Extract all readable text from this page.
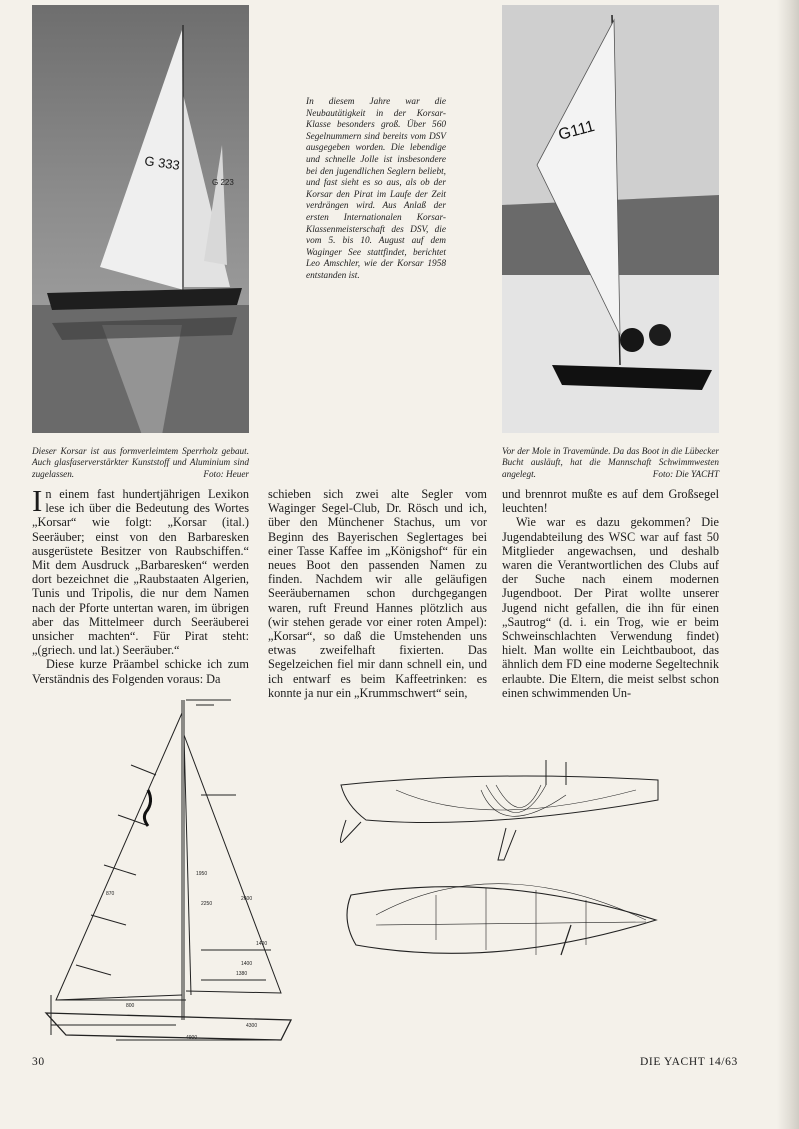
G 333
G 223
Dieser Korsar ist aus formverleimtem Sperrholz gebaut. Auch glasfaserverstärkter Kunststoff und Aluminium sind zugelassen.	Foto: Heuer
In diesem Jahre war die Neubautätigkeit in der Korsar-Klasse besonders groß. Über 560 Segelnummern sind bereits vom DSV ausgegeben worden. Die lebendige und schnelle Jolle ist insbesondere bei den jugendlichen Seglern beliebt, und fast sieht es so aus, als ob der Korsar den Pirat im Laufe der Zeit verdrängen wird. Aus Anlaß der ersten Internationalen Korsar-Klassenmeisterschaft des DSV, die vom 5. bis 10. August auf dem Waginger See stattfindet, berichtet Leo Amschler, wie der Korsar 1958 entstanden ist.
G111
Vor der Mole in Travemünde. Da das Boot in die Lübecker Bucht ausläuft, hat die Mannschaft Schwimmwesten angelegt.	Foto: Die YACHT

In einem fast hundertjährigen Lexikon lese ich über die Bedeutung des Wortes „Korsar“ wie folgt: „Korsar (ital.) Seeräuber; einst von den Barbaresken ausgerüstete Besitzer von Raubschiffen.“ Mit dem Ausdruck „Barbaresken“ werden dort bezeichnet die „Raubstaaten Algerien, Tunis und Tripolis, die nur dem Namen nach der Pforte untertan waren, im übrigen aber das Mittelmeer durch Seeräuberei unsicher machten“. Für Pirat steht: „(griech. und lat.) Seeräuber.“

Diese kurze Präambel schicke ich zum Verständnis des Folgenden voraus: Da

schieben sich zwei alte Segler vom Waginger Segel-Club, Dr. Rösch und ich, über den Münchener Stachus, um vor Beginn des Bayerischen Seglertages bei einer Tasse Kaffee im „Königshof“ für ein neues Boot den passenden Namen zu finden. Nachdem wir alle geläufigen Seeräubernamen schon durchgegangen waren, ruft Freund Hannes plötzlich aus (wir stehen gerade vor einer roten Ampel): „Korsar“, so daß die Umstehenden uns etwas zweifelhaft fixierten. Das Segelzeichen fiel mir dann schnell ein, und ich entwarf es beim Kaffeetrinken: es konnte ja nur ein „Krummschwert“ sein,

und brennrot mußte es auf dem Großsegel leuchten!

Wie war es dazu gekommen? Die Jugendabteilung des WSC war auf fast 50 Mitglieder angewachsen, und deshalb waren die Verantwortlichen des Clubs auf der Suche nach einem modernen Jugendboot. Der Pirat wollte unserer Jugend nicht gefallen, die ihn für einen „Sautrog“ (d. i. ein Trog, wie er beim Schweinschlachten Verwendung findet) hielt. Man wollte ein Leichtbauboot, das ähnlich dem FD eine moderne Segeltechnik erlaubte. Die Eltern, die meist selbst schon einen schwimmenden Un-

1400
1380
1950
2600
870
800
2250
4900
4300
1400
30	DIE YACHT 14/63
